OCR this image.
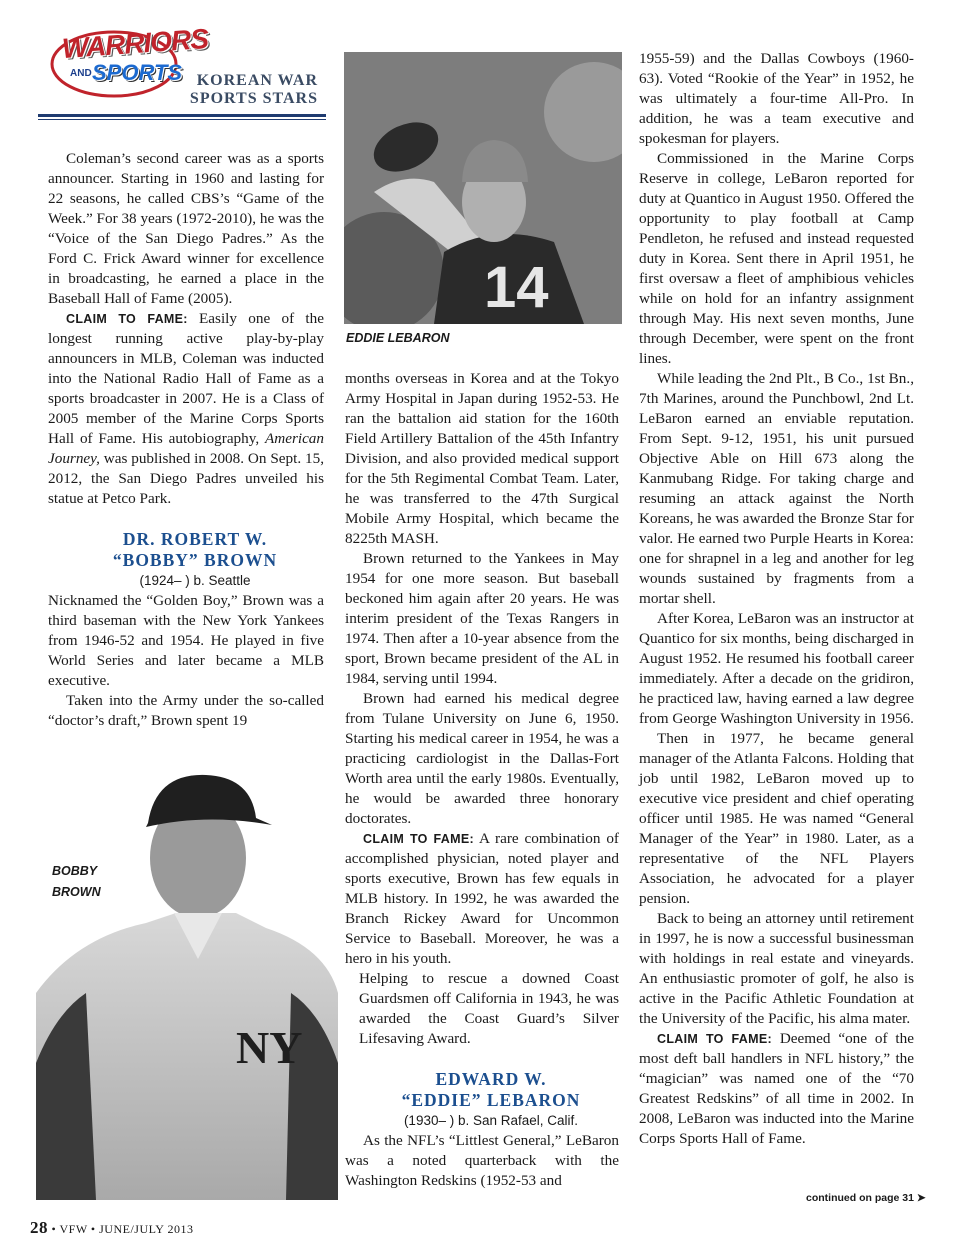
WARRIORS
AND SPORTS KOREAN WAR
SPORTS STARS

Coleman’s second career was as a sports announcer. Starting in 1960 and lasting for 22 seasons, he called CBS’s “Game of the Week.” For 38 years (1972-2010), he was the “Voice of the San Diego Padres.” As the Ford C. Frick Award winner for excellence in broadcasting, he earned a place in the Baseball Hall of Fame (2005).

CLAIM TO FAME: Easily one of the longest running active play-by-play announcers in MLB, Coleman was inducted into the National Radio Hall of Fame as a sports broadcaster in 2007. He is a Class of 2005 member of the Marine Corps Sports Hall of Fame. His autobiography, American Journey, was published in 2008. On Sept. 15, 2012, the San Diego Padres unveiled his statue at Petco Park.

DR. ROBERT W.

“BOBBY” BROWN

(1924– ) b. Seattle

Nicknamed the “Golden Boy,” Brown was a third baseman with the New York Yankees from 1946-52 and 1954. He played in five World Series and later became a MLB executive.

Taken into the Army under the so-called “doctor’s draft,” Brown spent 19

NY
BOBBY
BROWN
14
EDDIE LEBARON

months overseas in Korea and at the Tokyo Army Hospital in Japan during 1952-53. He ran the battalion aid station for the 160th Field Artillery Battalion of the 45th Infantry Division, and also provided medical support for the 5th Regimental Combat Team. Later, he was transferred to the 47th Surgical Mobile Army Hospital, which became the 8225th MASH.

Brown returned to the Yankees in May 1954 for one more season. But baseball beckoned him again after 20 years. He was interim president of the Texas Rangers in 1974. Then after a 10-year absence from the sport, Brown became president of the AL in 1984, serving until 1994.

Brown had earned his medical degree from Tulane University on June 6, 1950. Starting his medical career in 1954, he was a practicing cardiologist in the Dallas-Fort Worth area until the early 1980s. Eventually, he would be awarded three honorary doctorates.

CLAIM TO FAME: A rare combination of accomplished physician, noted player and sports executive, Brown has few equals in MLB history. In 1992, he was awarded the Branch Rickey Award for Uncommon Service to Baseball. Moreover, he was a hero in his youth.

Helping to rescue a downed Coast Guardsmen off California in 1943, he was awarded the Coast Guard’s Silver Lifesaving Award.

EDWARD W.

“EDDIE” LEBARON

(1930– ) b. San Rafael, Calif.

As the NFL’s “Littlest General,” LeBaron was a noted quarterback with the Washington Redskins (1952-53 and

1955-59) and the Dallas Cowboys (1960-63). Voted “Rookie of the Year” in 1952, he was ultimately a four-time All-Pro. In addition, he was a team executive and spokesman for players.

Commissioned in the Marine Corps Reserve in college, LeBaron reported for duty at Quantico in August 1950. Offered the opportunity to play football at Camp Pendleton, he refused and instead requested duty in Korea. Sent there in April 1951, he first oversaw a fleet of amphibious vehicles while on hold for an infantry assignment through May. His next seven months, June through December, were spent on the front lines.

While leading the 2nd Plt., B Co., 1st Bn., 7th Marines, around the Punchbowl, 2nd Lt. LeBaron earned an enviable reputation. From Sept. 9-12, 1951, his unit pursued Objective Able on Hill 673 along the Kanmubang Ridge. For taking charge and resuming an attack against the North Koreans, he was awarded the Bronze Star for valor. He earned two Purple Hearts in Korea: one for shrapnel in a leg and another for leg wounds sustained by fragments from a mortar shell.

After Korea, LeBaron was an instructor at Quantico for six months, being discharged in August 1952. He resumed his football career immediately. After a decade on the gridiron, he practiced law, having earned a law degree from George Washington University in 1956.

Then in 1977, he became general manager of the Atlanta Falcons. Holding that job until 1982, LeBaron moved up to executive vice president and chief operating officer until 1985. He was named “General Manager of the Year” in 1980. Later, as a representative of the NFL Players Association, he advocated for a player pension.

Back to being an attorney until retirement in 1997, he is now a successful businessman with holdings in real estate and vineyards. An enthusiastic promoter of golf, he also is active in the Pacific Athletic Foundation at the University of the Pacific, his alma mater.

CLAIM TO FAME: Deemed “one of the most deft ball handlers in NFL history,” the “magician” was named one of the “70 Greatest Redskins” of all time in 2002. In 2008, LeBaron was inducted into the Marine Corps Sports Hall of Fame.

continued on page 31 ➤
28 • VFW • JUNE/JULY 2013
